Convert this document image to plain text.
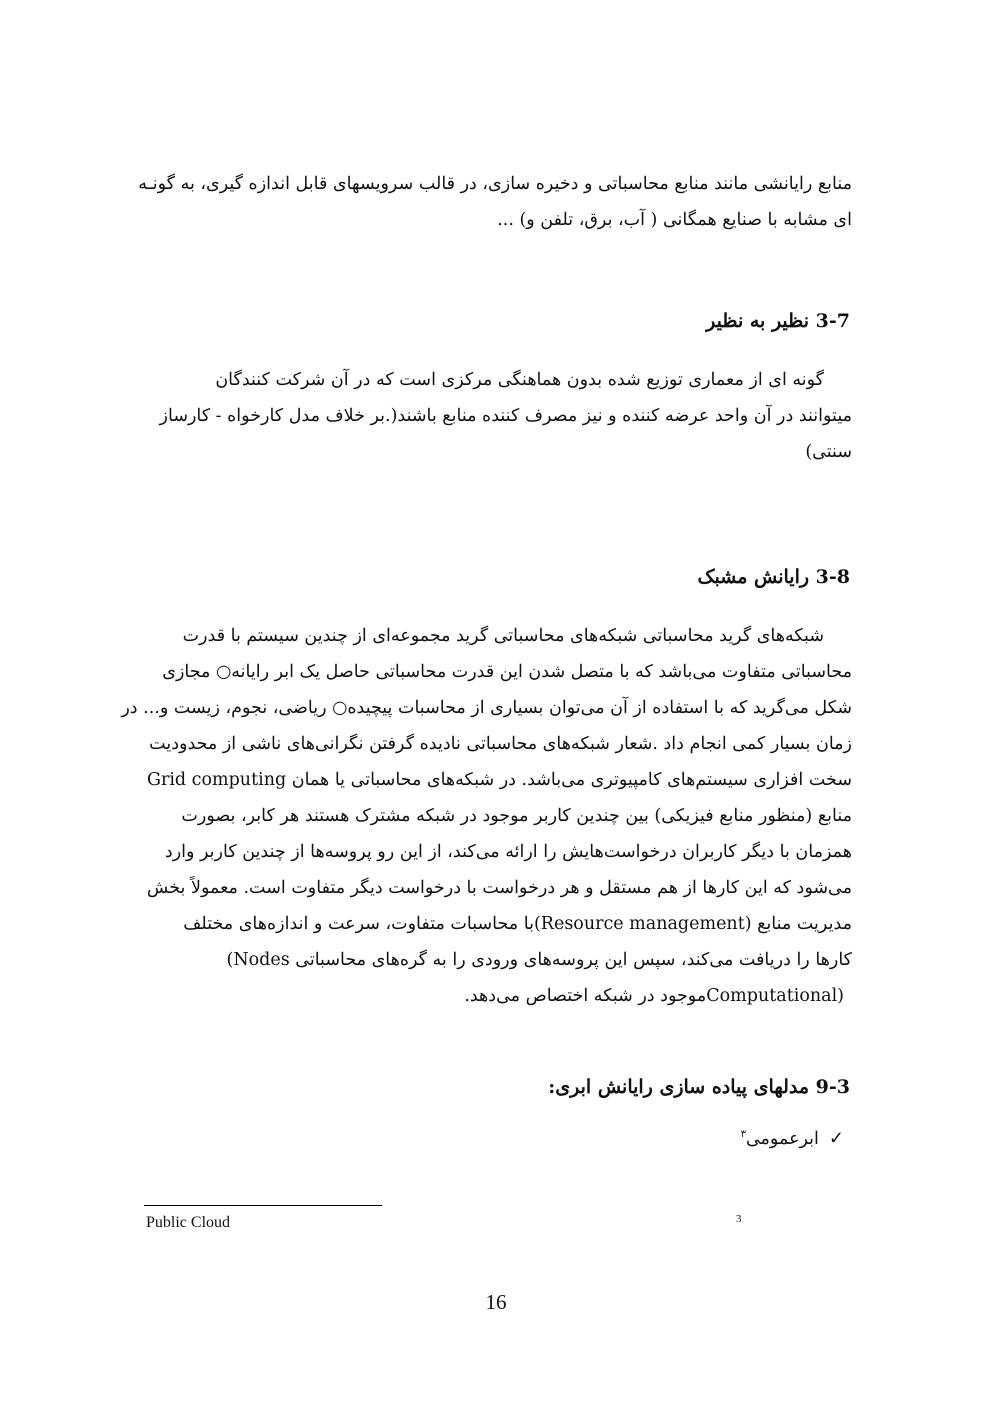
منابع رایانشی مانند منابع محاسباتی و دخیره سازی، در قالب سرویسهای قابل اندازه گیری، به گونـه
ای مشابه با صنایع همگانی ( آب، برق، تلفن و) ...
3-7 نظیر به نظیر
گونه ای از معماری توزیع شده بدون هماهنگی مرکزی است که در آن شرکت کنندگان
میتوانند در آن واحد عرضه کننده و نیز مصرف کننده منابع باشند(.بر خلاف مدل کارخواه - کارساز
سنتی)
3-8 رایانش مشبک
شبکه‌های گرید محاسباتی شبکه‌های محاسباتی گرید مجموعه‌ای از چندین سیستم با قدرت
محاسباتی متفاوت می‌باشد که با متصل شدن این قدرت محاسباتی حاصل یک ابر رایانه○ مجازی
شکل می‌گرید که با استفاده از آن می‌توان بسیاری از محاسبات پیچیده○ ریاضی، نجوم، زیست و... در
زمان بسیار کمی انجام داد .شعار شبکه‌های محاسباتی نادیده گرفتن نگرانی‌های ناشی از محدودیت
سخت افزاری سیستم‌های کامپیوتری می‌باشد. در شبکه‌های محاسباتی یا همان Grid computing
منابع (منظور منابع فیزیکی) بین چندین کاربر موجود در شبکه مشترک هستند هر کابر، بصورت
همزمان با دیگر کاربران درخواست‌هایش را ارائه می‌کند، از این رو پروسه‌ها از چندین کاربر وارد
می‌شود که این کارها از هم مستقل و هر درخواست با درخواست دیگر متفاوت است. معمولاً بخش
مدیریت منابع (Resource management)با محاسبات متفاوت، سرعت و اندازه‌های مختلف
کارها را دریافت می‌کند، سپس این پروسه‌های ورودی را به گره‌های محاسباتی Nodes)
(Computationalموجود در شبکه اختصاص می‌دهد.
9-3 مدلهای پیاده سازی رایانش ابری:
✓ابرعمومی$^۳$
Public Cloud	3
16
